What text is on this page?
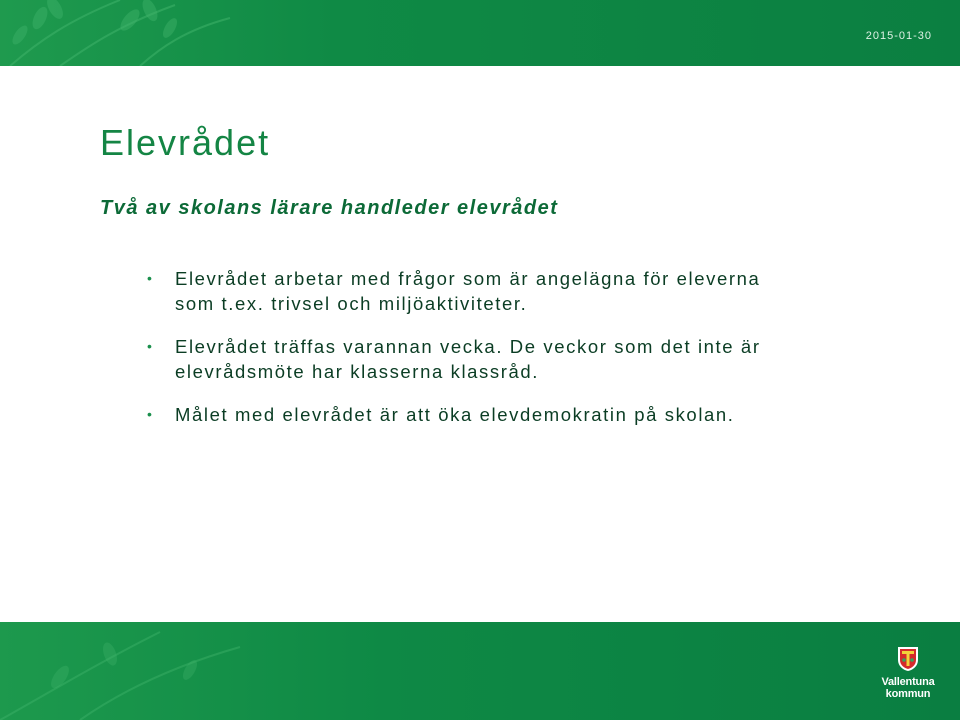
2015-01-30
Elevrådet
Två av skolans lärare handleder elevrådet
• Elevrådet arbetar med frågor som är angelägna för eleverna som t.ex. trivsel och miljöaktiviteter.
• Elevrådet träffas varannan vecka. De veckor som det inte är elevrådsmöte har klasserna klassråd.
• Målet med elevrådet är att öka elevdemokratin på skolan.
Vallentuna
kommun
